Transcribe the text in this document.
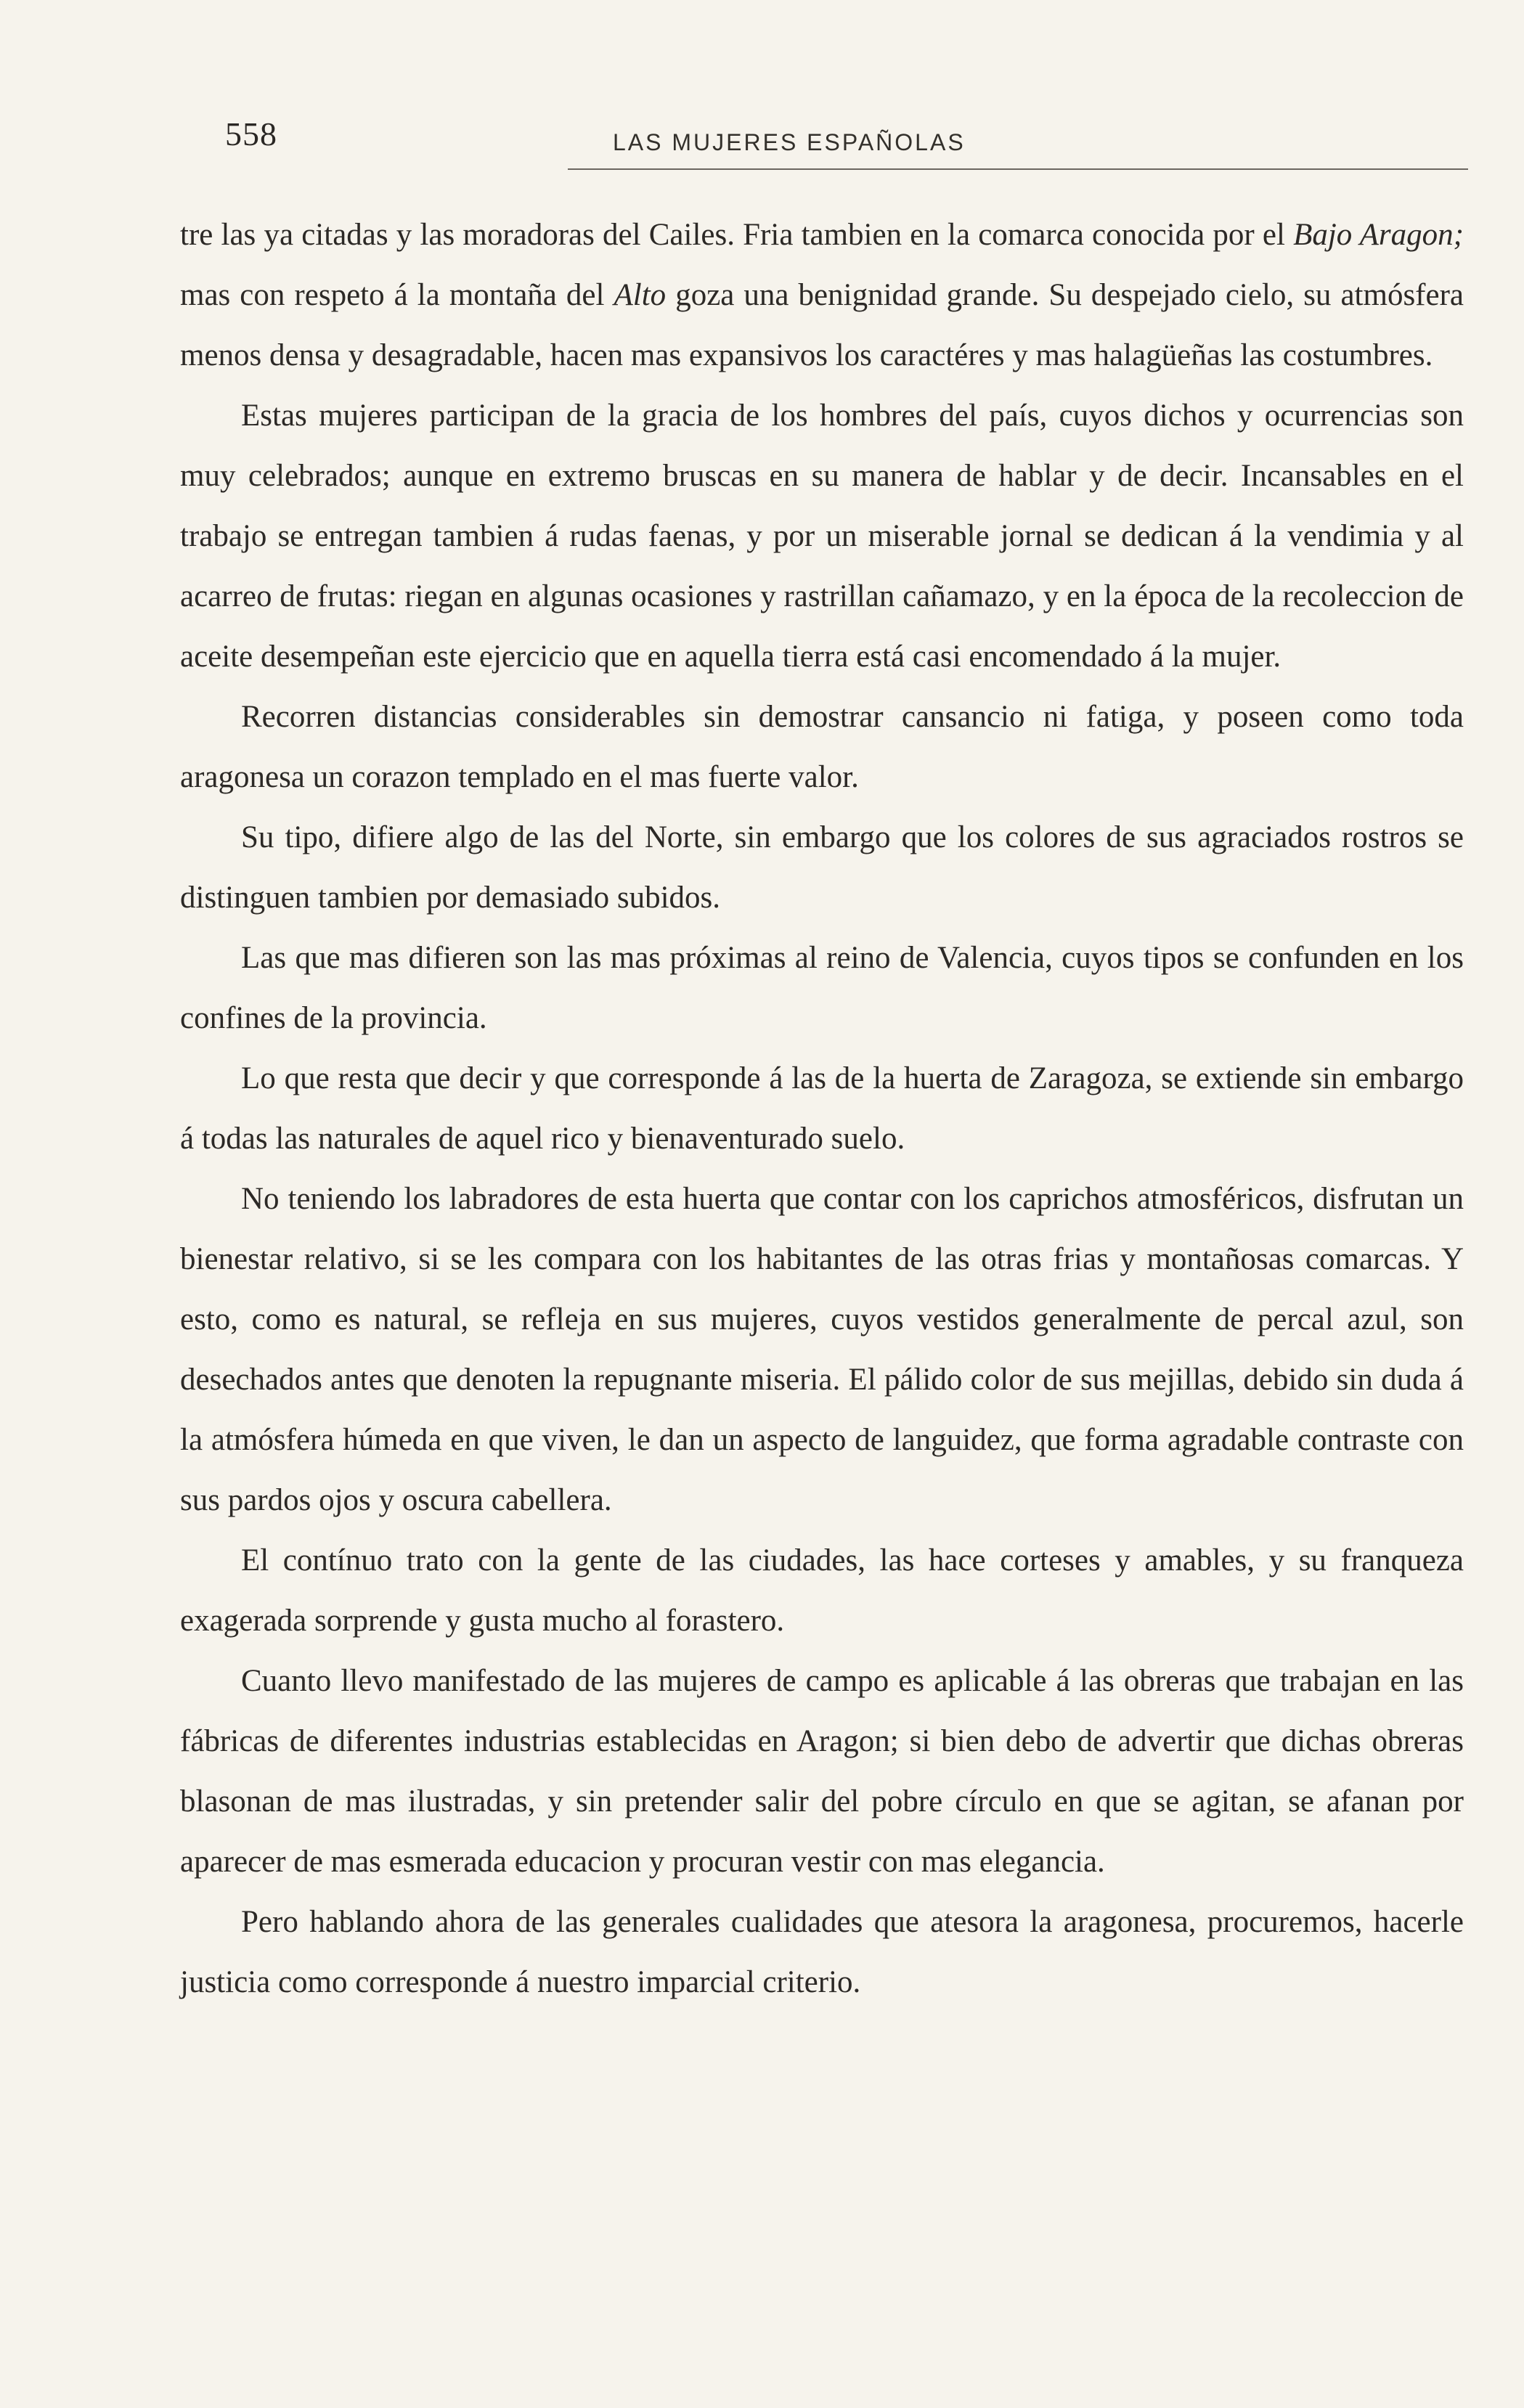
558	LAS MUJERES ESPAÑOLAS

tre las ya citadas y las moradoras del Cailes. Fria tambien en la comarca conocida por el Bajo Aragon; mas con respeto á la montaña del Alto goza una benignidad grande. Su despejado cielo, su atmósfera menos densa y desagradable, hacen mas expansivos los caractéres y mas halagüeñas las costumbres.

Estas mujeres participan de la gracia de los hombres del país, cuyos dichos y ocurrencias son muy celebrados; aunque en extremo bruscas en su manera de hablar y de decir. Incansables en el trabajo se entregan tambien á rudas faenas, y por un miserable jornal se dedican á la vendimia y al acarreo de frutas: riegan en algunas ocasiones y rastrillan cañamazo, y en la época de la recoleccion de aceite desempeñan este ejercicio que en aquella tierra está casi encomendado á la mujer.

Recorren distancias considerables sin demostrar cansancio ni fatiga, y poseen como toda aragonesa un corazon templado en el mas fuerte valor.

Su tipo, difiere algo de las del Norte, sin embargo que los colores de sus agraciados rostros se distinguen tambien por demasiado subidos.

Las que mas difieren son las mas próximas al reino de Valencia, cuyos tipos se confunden en los confines de la provincia.

Lo que resta que decir y que corresponde á las de la huerta de Zaragoza, se extiende sin embargo á todas las naturales de aquel rico y bienaventurado suelo.

No teniendo los labradores de esta huerta que contar con los caprichos atmosféricos, disfrutan un bienestar relativo, si se les compara con los habitantes de las otras frias y montañosas comarcas. Y esto, como es natural, se refleja en sus mujeres, cuyos vestidos generalmente de percal azul, son desechados antes que denoten la repugnante miseria. El pálido color de sus mejillas, debido sin duda á la atmósfera húmeda en que viven, le dan un aspecto de languidez, que forma agradable contraste con sus pardos ojos y oscura cabellera.

El contínuo trato con la gente de las ciudades, las hace corteses y amables, y su franqueza exagerada sorprende y gusta mucho al forastero.

Cuanto llevo manifestado de las mujeres de campo es aplicable á las obreras que trabajan en las fábricas de diferentes industrias establecidas en Aragon; si bien debo de advertir que dichas obreras blasonan de mas ilustradas, y sin pretender salir del pobre círculo en que se agitan, se afanan por aparecer de mas esmerada educacion y procuran vestir con mas elegancia.

Pero hablando ahora de las generales cualidades que atesora la aragonesa, procuremos, hacerle justicia como corresponde á nuestro imparcial criterio.
